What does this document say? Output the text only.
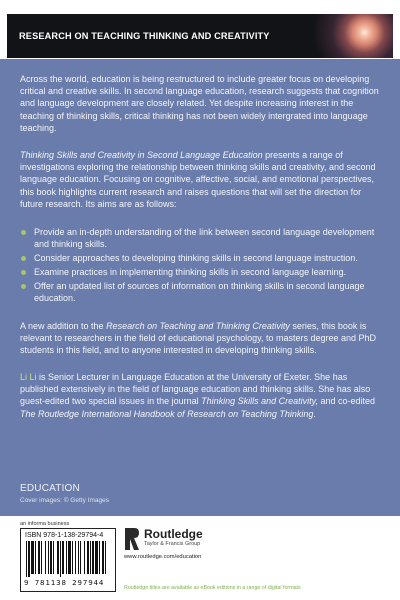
RESEARCH ON TEACHING THINKING AND CREATIVITY

Across the world, education is being restructured to include greater focus on developing critical and creative skills. In second language education, research suggests that cognition and language development are closely related. Yet despite increasing interest in the teaching of thinking skills, critical thinking has not been widely intergrated into language teaching.

Thinking Skills and Creativity in Second Language Education presents a range of investigations exploring the relationship between thinking skills and creativity, and second language education. Focusing on cognitive, affective, social, and emotional perspectives, this book highlights current research and raises questions that will set the direction for future research. Its aims are as follows:

Provide an in-depth understanding of the link between second language development and thinking skills.
Consider approaches to developing thinking skills in second language instruction.
Examine practices in implementing thinking skills in second language learning.
Offer an updated list of sources of information on thinking skills in second language education.

A new addition to the Research on Teaching and Thinking Creativity series, this book is relevant to researchers in the field of educational psychology, to masters degree and PhD students in this field, and to anyone interested in developing thinking skills.

Li Li is Senior Lecturer in Language Education at the University of Exeter. She has published extensively in the field of language education and thinking skills. She has also guest-edited two special issues in the journal Thinking Skills and Creativity, and co-edited The Routledge International Handbook of Research on Teaching Thinking.

EDUCATION
Cover images: © Getty Images
an informa business
ISBN 978-1-138-29794-4
9 781138 297944
Routledge
Taylor & Francis Group
www.routledge.com/education
Routledge titles are available as eBook editions in a range of digital formats
